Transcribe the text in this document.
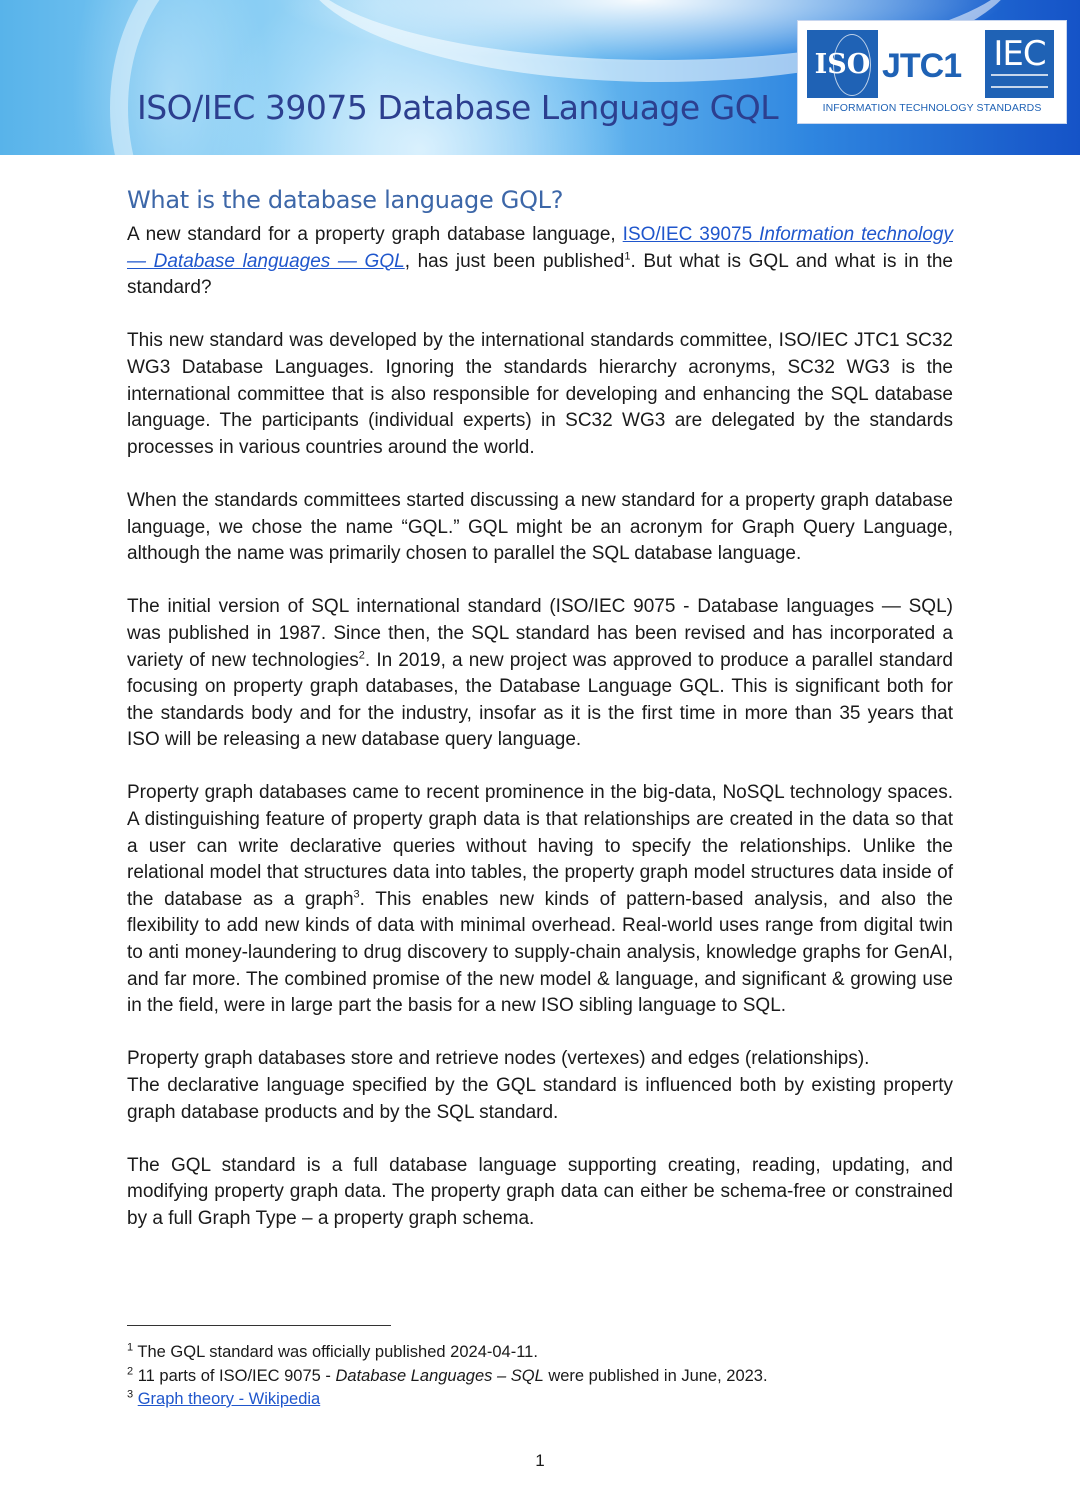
ISO/IEC 39075 Database Language GQL
ISO JTC1 IEC
INFORMATION TECHNOLOGY STANDARDS
What is the database language GQL?

A new standard for a property graph database language, ISO/IEC 39075 Information technology — Database languages — GQL, has just been published$^1$. But what is GQL and what is in the standard?

This new standard was developed by the international standards committee, ISO/IEC JTC1 SC32 WG3 Database Languages. Ignoring the standards hierarchy acronyms, SC32 WG3 is the international committee that is also responsible for developing and enhancing the SQL database language. The participants (individual experts) in SC32 WG3 are delegated by the standards processes in various countries around the world.

When the standards committees started discussing a new standard for a property graph database language, we chose the name “GQL.” GQL might be an acronym for Graph Query Language, although the name was primarily chosen to parallel the SQL database language.

The initial version of SQL international standard (ISO/IEC 9075 - Database languages — SQL) was published in 1987. Since then, the SQL standard has been revised and has incorporated a variety of new technologies$^2$. In 2019, a new project was approved to produce a parallel standard focusing on property graph databases, the Database Language GQL. This is significant both for the standards body and for the industry, insofar as it is the first time in more than 35 years that ISO will be releasing a new database query language.

Property graph databases came to recent prominence in the big-data, NoSQL technology spaces. A distinguishing feature of property graph data is that relationships are created in the data so that a user can write declarative queries without having to specify the relationships. Unlike the relational model that structures data into tables, the property graph model structures data inside of the database as a graph$^3$. This enables new kinds of pattern-based analysis, and also the flexibility to add new kinds of data with minimal overhead. Real-world uses range from digital twin to anti money-laundering to drug discovery to supply-chain analysis, knowledge graphs for GenAI, and far more. The combined promise of the new model & language, and significant & growing use in the field, were in large part the basis for a new ISO sibling language to SQL.

Property graph databases store and retrieve nodes (vertexes) and edges (relationships).

The declarative language specified by the GQL standard is influenced both by existing property graph database products and by the SQL standard.

The GQL standard is a full database language supporting creating, reading, updating, and modifying property graph data. The property graph data can either be schema-free or constrained by a full Graph Type – a property graph schema.

$^1$ The GQL standard was officially published 2024-04-11.
$^2$ 11 parts of ISO/IEC 9075 - Database Languages – SQL were published in June, 2023.
$^3$ Graph theory - Wikipedia
1
